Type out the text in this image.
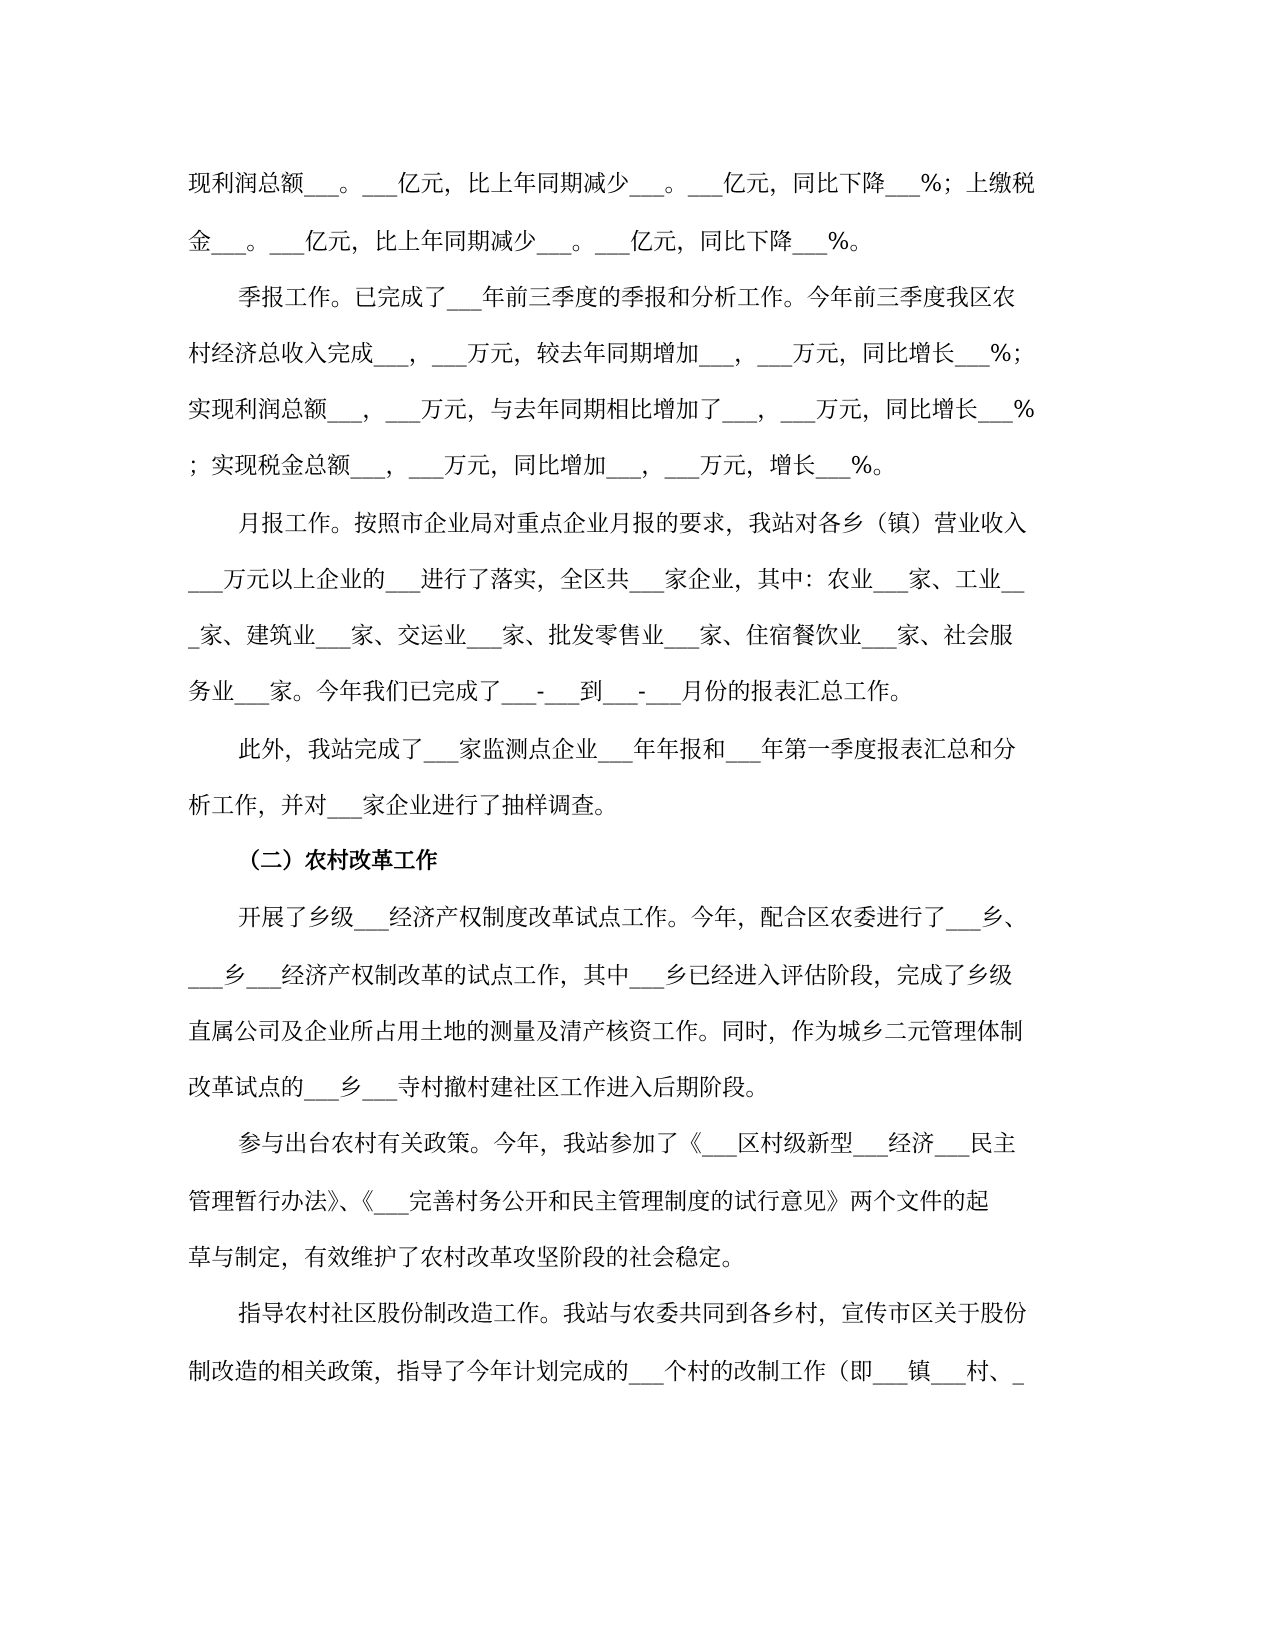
现利润总额___。___亿元，比上年同期减少___。___亿元，同比下降___%；上缴税
金___。___亿元，比上年同期减少___。___亿元，同比下降___%。
季报工作。已完成了___年前三季度的季报和分析工作。今年前三季度我区农
村经济总收入完成___，___万元，较去年同期增加___，___万元，同比增长___%；
实现利润总额___，___万元，与去年同期相比增加了___，___万元，同比增长___%
；实现税金总额___，___万元，同比增加___，___万元，增长___%。
月报工作。按照市企业局对重点企业月报的要求，我站对各乡（镇）营业收入
___万元以上企业的___进行了落实，全区共___家企业，其中：农业___家、工业__
_家、建筑业___家、交运业___家、批发零售业___家、住宿餐饮业___家、社会服
务业___家。今年我们已完成了___-___到___-___月份的报表汇总工作。
此外，我站完成了___家监测点企业___年年报和___年第一季度报表汇总和分
析工作，并对___家企业进行了抽样调查。
（二）农村改革工作
开展了乡级___经济产权制度改革试点工作。今年，配合区农委进行了___乡、
___乡___经济产权制改革的试点工作，其中___乡已经进入评估阶段，完成了乡级
直属公司及企业所占用土地的测量及清产核资工作。同时，作为城乡二元管理体制
改革试点的___乡___寺村撤村建社区工作进入后期阶段。
参与出台农村有关政策。今年，我站参加了《___区村级新型___经济___民主
管理暂行办法》、《___完善村务公开和民主管理制度的试行意见》两个文件的起
草与制定，有效维护了农村改革攻坚阶段的社会稳定。
指导农村社区股份制改造工作。我站与农委共同到各乡村，宣传市区关于股份
制改造的相关政策，指导了今年计划完成的___个村的改制工作（即___镇___村、_
